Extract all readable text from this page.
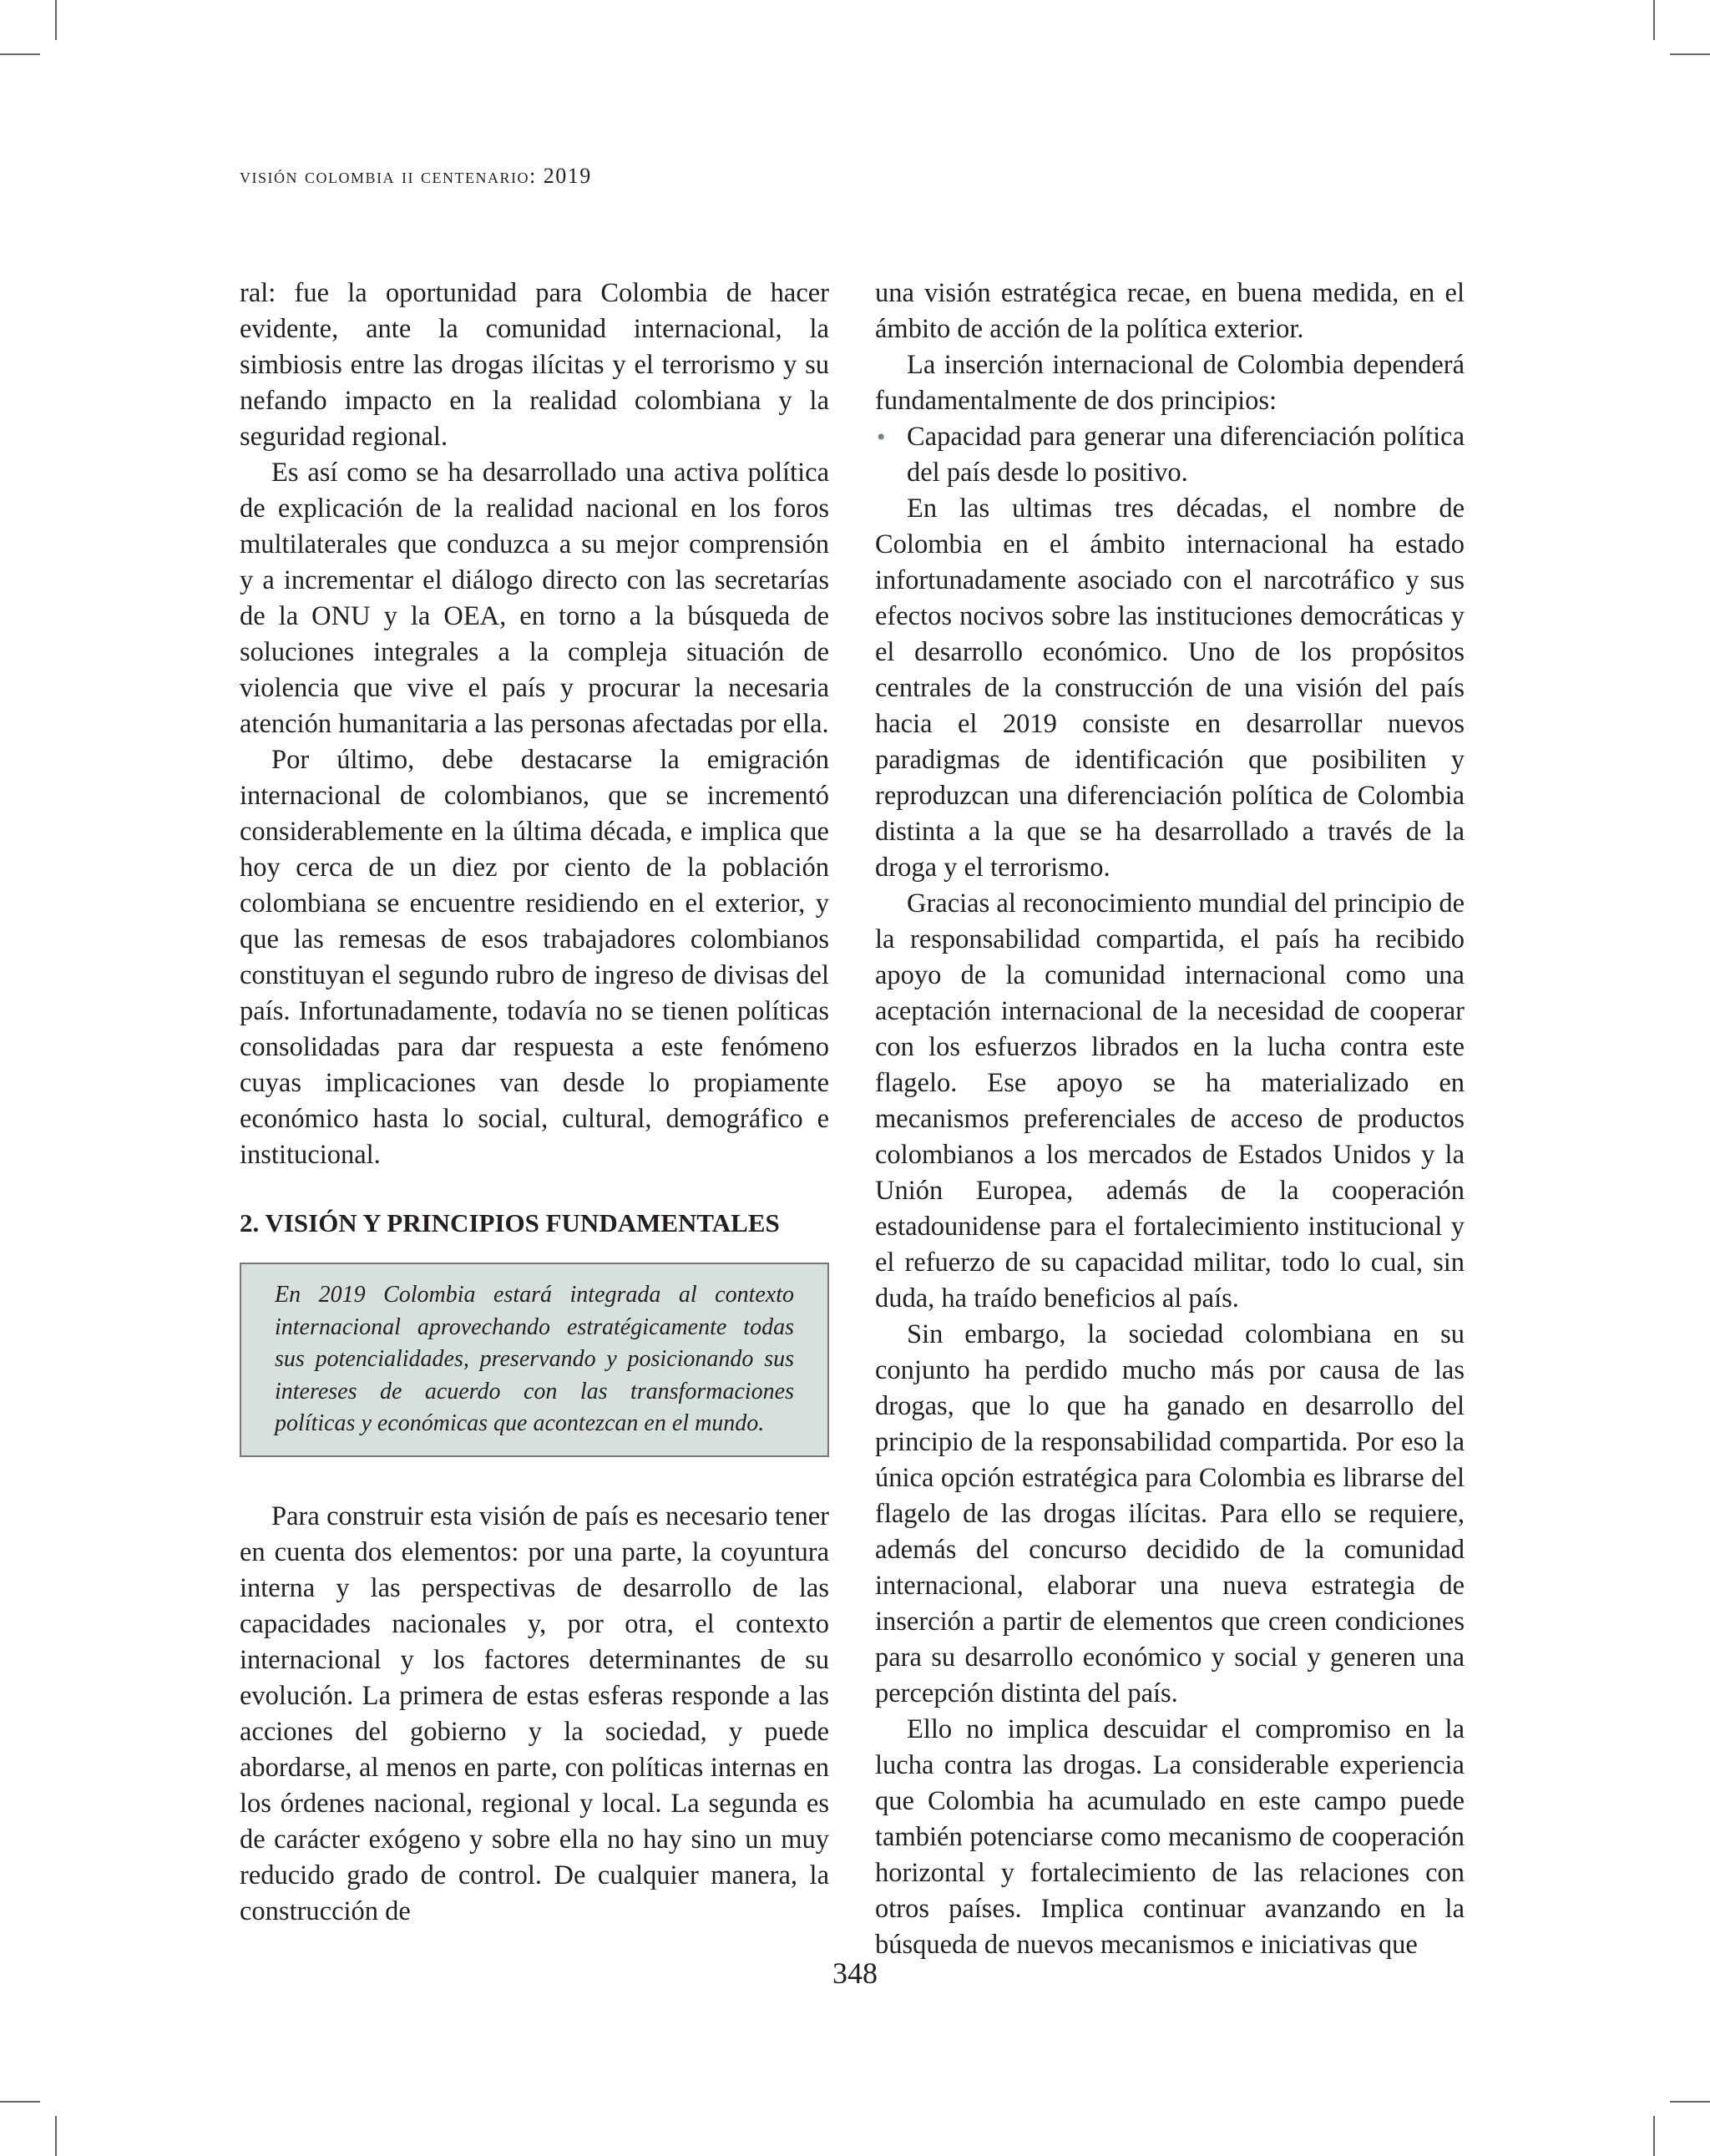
visión colombia ii centenario: 2019

ral: fue la oportunidad para Colombia de hacer evidente, ante la comunidad internacional, la simbiosis entre las drogas ilícitas y el terrorismo y su nefando impacto en la realidad colombiana y la seguridad regional.

Es así como se ha desarrollado una activa política de explicación de la realidad nacional en los foros multilaterales que conduzca a su mejor comprensión y a incrementar el diálogo directo con las secretarías de la ONU y la OEA, en torno a la búsqueda de soluciones integrales a la compleja situación de violencia que vive el país y procurar la necesaria atención humanitaria a las personas afectadas por ella.

Por último, debe destacarse la emigración internacional de colombianos, que se incrementó considerablemente en la última década, e implica que hoy cerca de un diez por ciento de la población colombiana se encuentre residiendo en el exterior, y que las remesas de esos trabajadores colombianos constituyan el segundo rubro de ingreso de divisas del país. Infortunadamente, todavía no se tienen políticas consolidadas para dar respuesta a este fenómeno cuyas implicaciones van desde lo propiamente económico hasta lo social, cultural, demográfico e institucional.

2. VISIÓN Y PRINCIPIOS FUNDAMENTALES
En 2019 Colombia estará integrada al contexto internacional aprovechando estratégicamente todas sus potencialidades, preservando y posicionando sus intereses de acuerdo con las transformaciones políticas y económicas que acontezcan en el mundo.

Para construir esta visión de país es necesario tener en cuenta dos elementos: por una parte, la coyuntura interna y las perspectivas de desarrollo de las capacidades nacionales y, por otra, el contexto internacional y los factores determinantes de su evolución. La primera de estas esferas responde a las acciones del gobierno y la sociedad, y puede abordarse, al menos en parte, con políticas internas en los órdenes nacional, regional y local. La segunda es de carácter exógeno y sobre ella no hay sino un muy reducido grado de control. De cualquier manera, la construcción de

una visión estratégica recae, en buena medida, en el ámbito de acción de la política exterior.

La inserción internacional de Colombia dependerá fundamentalmente de dos principios:

• Capacidad para generar una diferenciación política del país desde lo positivo.

En las ultimas tres décadas, el nombre de Colombia en el ámbito internacional ha estado infortunadamente asociado con el narcotráfico y sus efectos nocivos sobre las instituciones democráticas y el desarrollo económico. Uno de los propósitos centrales de la construcción de una visión del país hacia el 2019 consiste en desarrollar nuevos paradigmas de identificación que posibiliten y reproduzcan una diferenciación política de Colombia distinta a la que se ha desarrollado a través de la droga y el terrorismo.

Gracias al reconocimiento mundial del principio de la responsabilidad compartida, el país ha recibido apoyo de la comunidad internacional como una aceptación internacional de la necesidad de cooperar con los esfuerzos librados en la lucha contra este flagelo. Ese apoyo se ha materializado en mecanismos preferenciales de acceso de productos colombianos a los mercados de Estados Unidos y la Unión Europea, además de la cooperación estadounidense para el fortalecimiento institucional y el refuerzo de su capacidad militar, todo lo cual, sin duda, ha traído beneficios al país.

Sin embargo, la sociedad colombiana en su conjunto ha perdido mucho más por causa de las drogas, que lo que ha ganado en desarrollo del principio de la responsabilidad compartida. Por eso la única opción estratégica para Colombia es librarse del flagelo de las drogas ilícitas. Para ello se requiere, además del concurso decidido de la comunidad internacional, elaborar una nueva estrategia de inserción a partir de elementos que creen condiciones para su desarrollo económico y social y generen una percepción distinta del país.

Ello no implica descuidar el compromiso en la lucha contra las drogas. La considerable experiencia que Colombia ha acumulado en este campo puede también potenciarse como mecanismo de cooperación horizontal y fortalecimiento de las relaciones con otros países. Implica continuar avanzando en la búsqueda de nuevos mecanismos e iniciativas que

348
